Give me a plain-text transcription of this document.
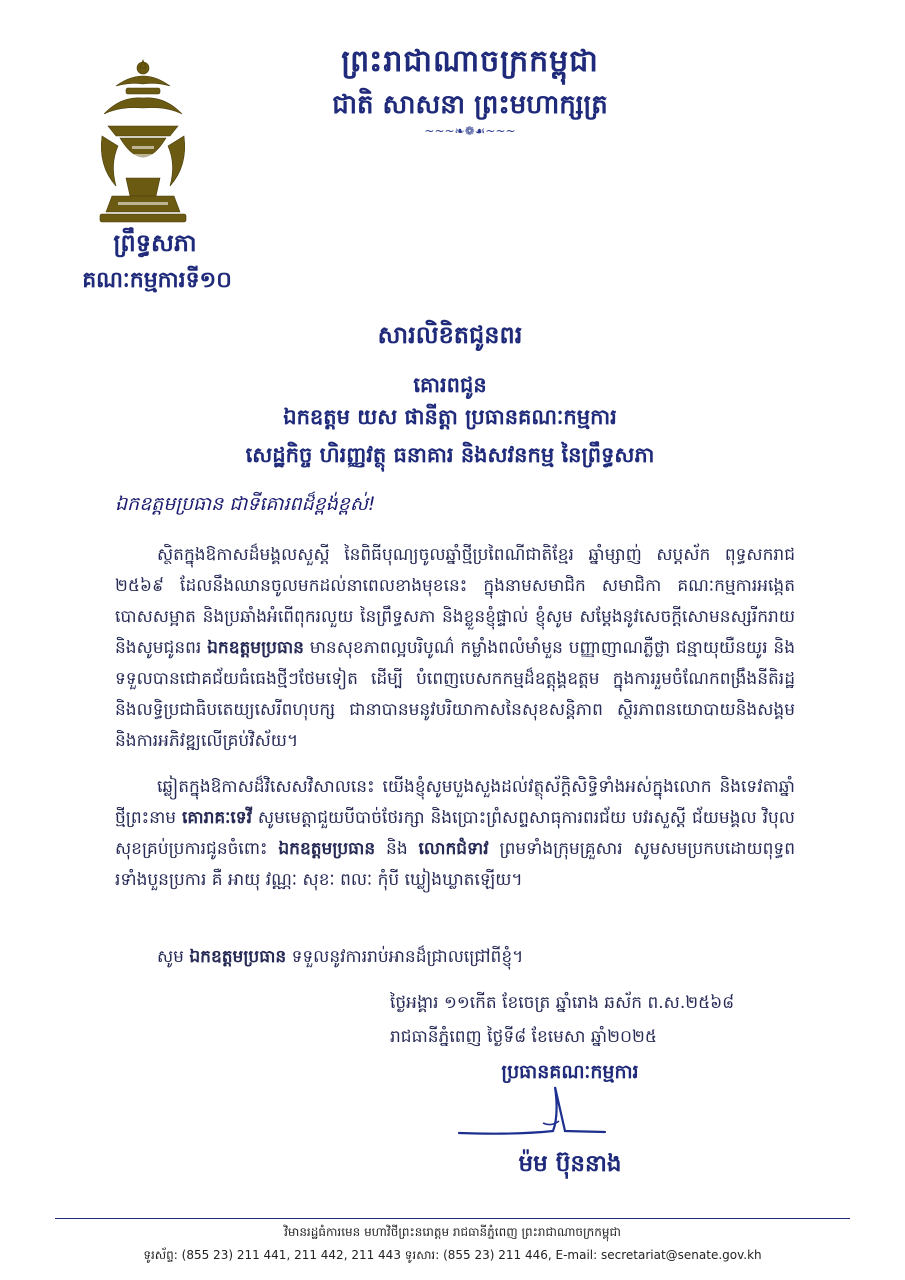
ព្រះរាជាណាចក្រកម្ពុជា
ជាតិ សាសនា ព្រះមហាក្សត្រ
~~~❧❁☙~~~
ព្រឹទ្ធសភា
គណៈកម្មការទី១០
សារលិខិតជូនពរ
គោរពជូន
ឯកឧត្តម យស ផានីត្តា ប្រធានគណៈកម្មការ
សេដ្ឋកិច្ច ហិរញ្ញវត្ថុ ធនាគារ និងសវនកម្ម នៃព្រឹទ្ធសភា
ឯកឧត្តមប្រធាន ជាទីគោរពដ៏ខ្ពង់ខ្ពស់!
ស្ថិតក្នុងឱកាសដ៏មង្គលសួស្តី នៃពិធីបុណ្យចូលឆ្នាំថ្មីប្រពៃណីជាតិខ្មែរ ឆ្នាំម្សាញ់ សប្តស័ក ពុទ្ធសករាជ ២៥៦៩ ដែលនឹងឈានចូលមកដល់នាពេលខាងមុខនេះ ក្នុងនាមសមាជិក សមាជិកា គណៈកម្មការអង្កេត បោសសម្អាត និងប្រឆាំងអំពើពុករលួយ នៃព្រឹទ្ធសភា និងខ្លួនខ្ញុំផ្ទាល់ ខ្ញុំសូម សម្តែងនូវសេចក្តីសោមនស្សរីករាយ និងសូមជូនពរ ឯកឧត្តមប្រធាន មានសុខភាពល្អបរិបូណ៌ កម្លាំងពលំមាំមួន បញ្ញាញាណភ្លឺថ្លា ជន្មាយុយឺនយូរ និងទទួលបានជោគជ័យធំធេងថ្មីៗថែមទៀត ដើម្បី បំពេញបេសកកម្មដ៏ឧត្តុង្គឧត្តម ក្នុងការរួមចំណែកពង្រឹងនីតិរដ្ឋ និងលទ្ធិប្រជាធិបតេយ្យសេរីពហុបក្ស ជានាបានមនូវបរិយាកាសនៃសុខសន្តិភាព ស្ថិរភាពនយោបាយនិងសង្គម និងការអភិវឌ្ឍលើគ្រប់វិស័យ។
ឆ្លៀតក្នុងឱកាសដ៏វិសេសវិសាលនេះ យើងខ្ញុំសូមបួងសួងដល់វត្ថុស័ក្តិសិទ្ធិទាំងអស់ក្នុងលោក និងទេវតាឆ្នាំថ្មីព្រះនាម គោរាគៈទេវី សូមមេត្តាជួយបីបាច់ថែរក្សា និងប្រោះព្រំសព្ទសាធុការពរជ័យ បវរសួស្តី ជ័យមង្គល វិបុលសុខគ្រប់ប្រការជូនចំពោះ ឯកឧត្តមប្រធាន និង លោកជំទាវ ព្រមទាំងក្រុមគ្រួសារ សូមសមប្រកបដោយពុទ្ធពរទាំងបួនប្រការ គឺ អាយុ វណ្ណៈ សុខៈ ពលៈ កុំបី ឃ្លៀងឃ្លាតឡើយ។
សូម ឯកឧត្តមប្រធាន ទទួលនូវការរាប់អានដ៏ជ្រាលជ្រៅពីខ្ញុំ។
ថ្ងៃអង្គារ ១១កើត ខែចេត្រ ឆ្នាំរោង ឆស័ក ព.ស.២៥៦៨
រាជធានីភ្នំពេញ ថ្ងៃទី៨ ខែមេសា ឆ្នាំ២០២៥
ប្រធានគណៈកម្មការ
ម៉ម ប៊ុននាង
វិមានរដ្ឋធំការមេន មហាវិថីព្រះនរោត្តម រាជធានីភ្នំពេញ ព្រះរាជាណាចក្រកម្ពុជា
ទូរស័ព្ទ: (855 23) 211 441, 211 442, 211 443 ទូរសារ: (855 23) 211 446, E-mail: secretariat@senate.gov.kh
